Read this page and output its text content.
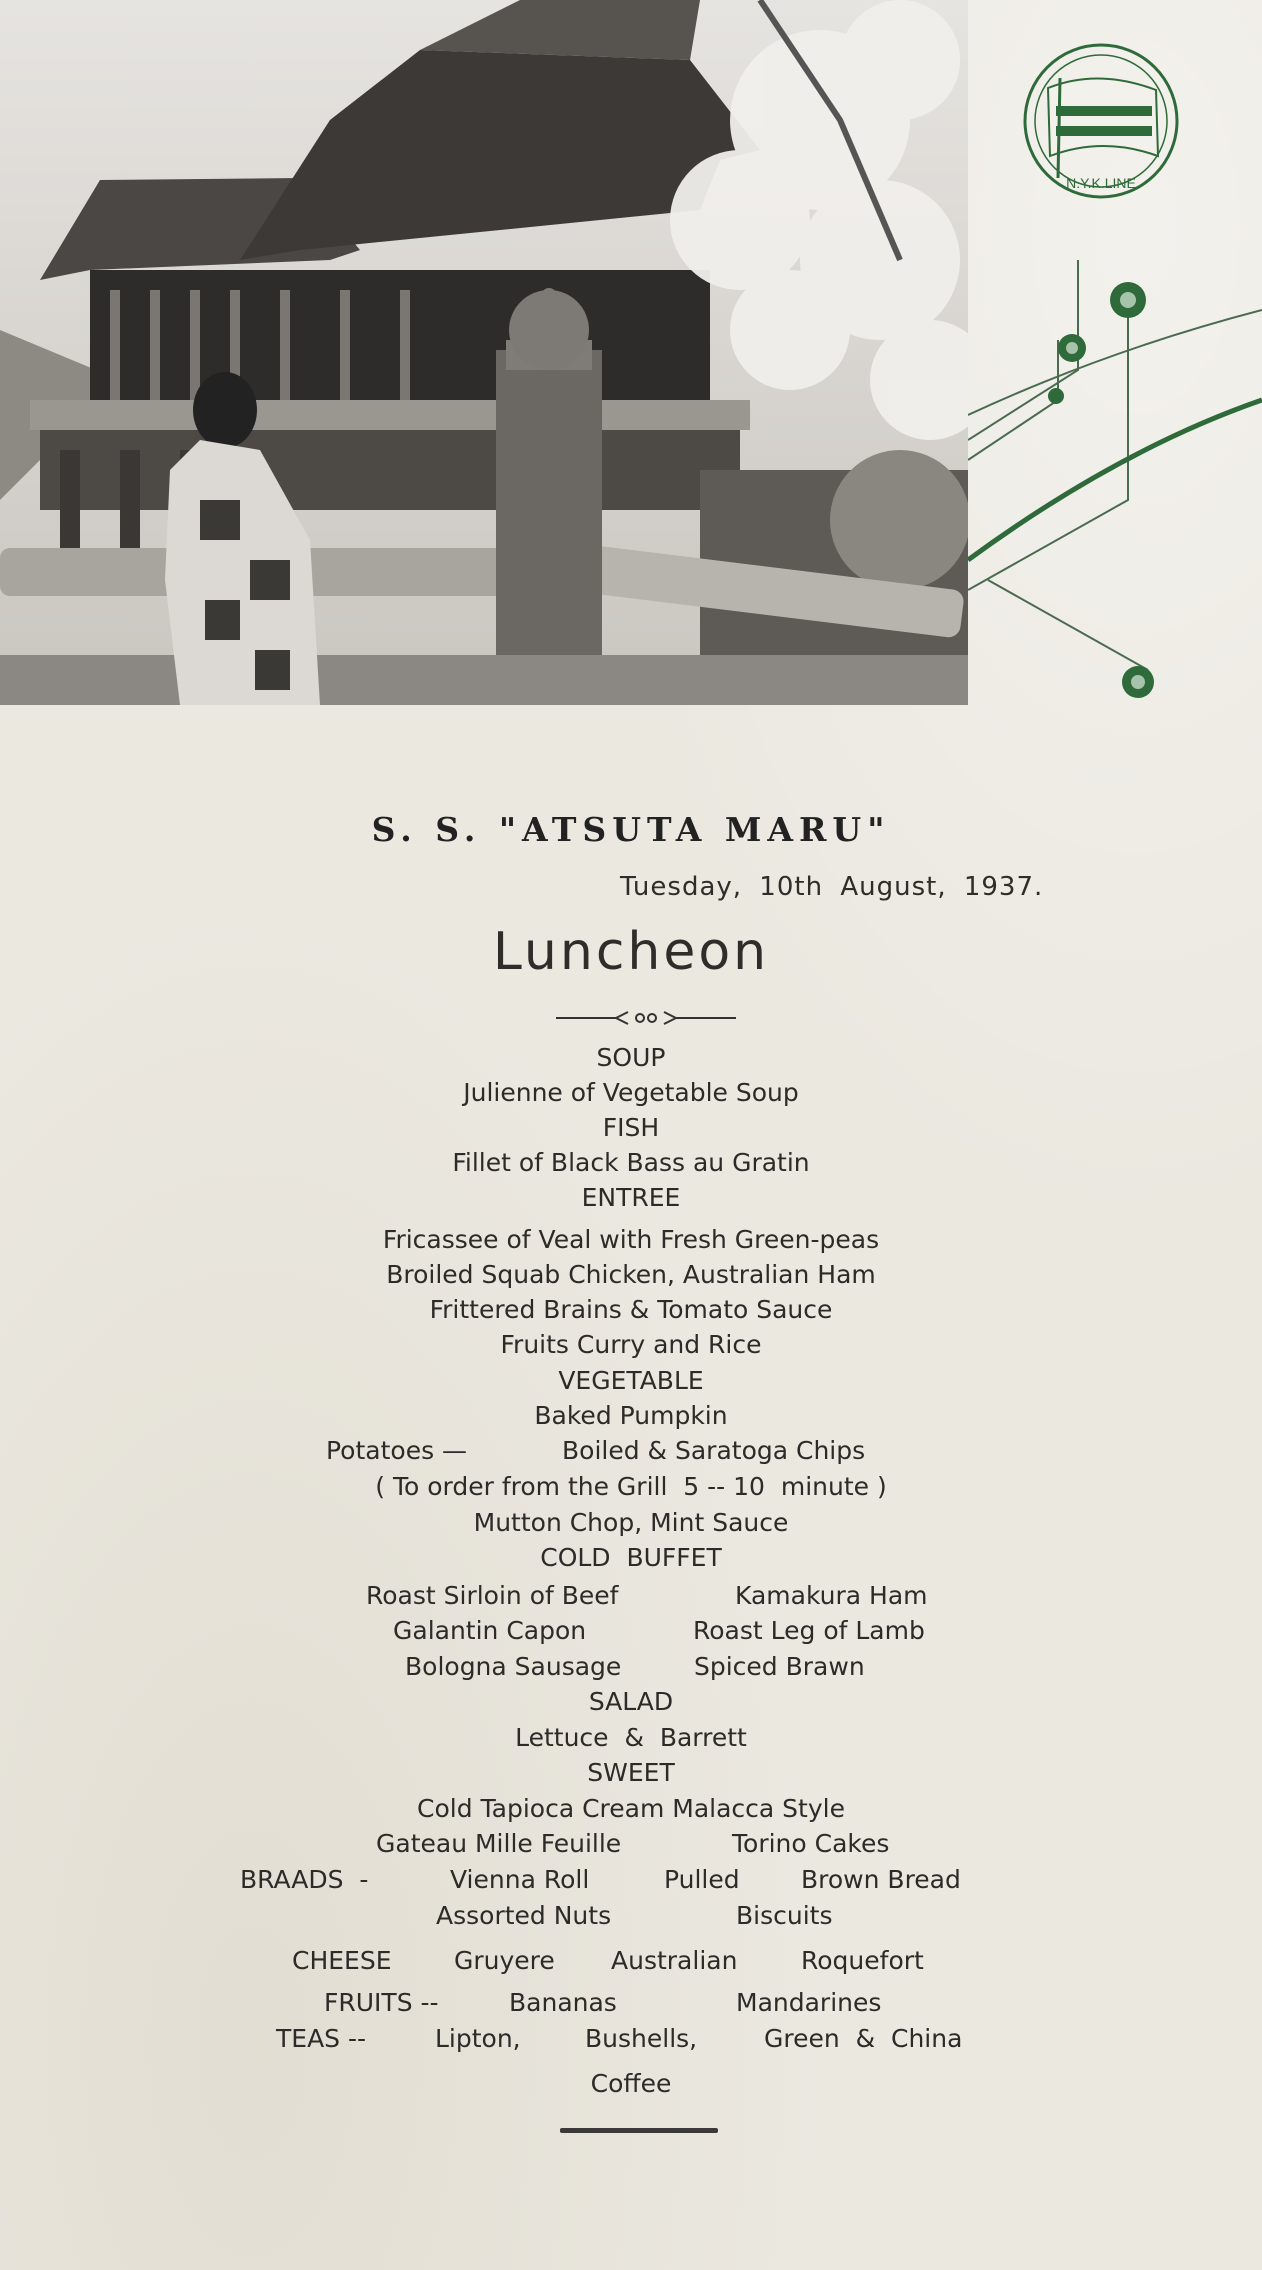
N.Y.K.LINE
S. S. "ATSUTA MARU"
Tuesday, 10th August, 1937.
Luncheon
SOUP
Julienne of Vegetable Soup
FISH
Fillet of Black Bass au Gratin
ENTREE
Fricassee of Veal with Fresh Green-peas
Broiled Squab Chicken, Australian Ham
Frittered Brains & Tomato Sauce
Fruits Curry and Rice
VEGETABLE
Baked Pumpkin
Potatoes —	Boiled & Saratoga Chips
( To order from the Grill  5 -- 10  minute )
Mutton Chop, Mint Sauce
COLD  BUFFET
Roast Sirloin of Beef	Kamakura Ham
Galantin Capon	Roast Leg of Lamb
Bologna Sausage	Spiced Brawn
SALAD
Lettuce  &  Barrett
SWEET
Cold Tapioca Cream Malacca Style
Gateau Mille Feuille	Torino Cakes
BRAADS  -	Vienna Roll	Pulled Brown Bread
Assorted Nuts	Biscuits
CHEESE Gruyere Australian	Roquefort
FRUITS --	Bananas	Mandarines
TEAS --	Lipton,	Bushells,	Green  &  China
Coffee
